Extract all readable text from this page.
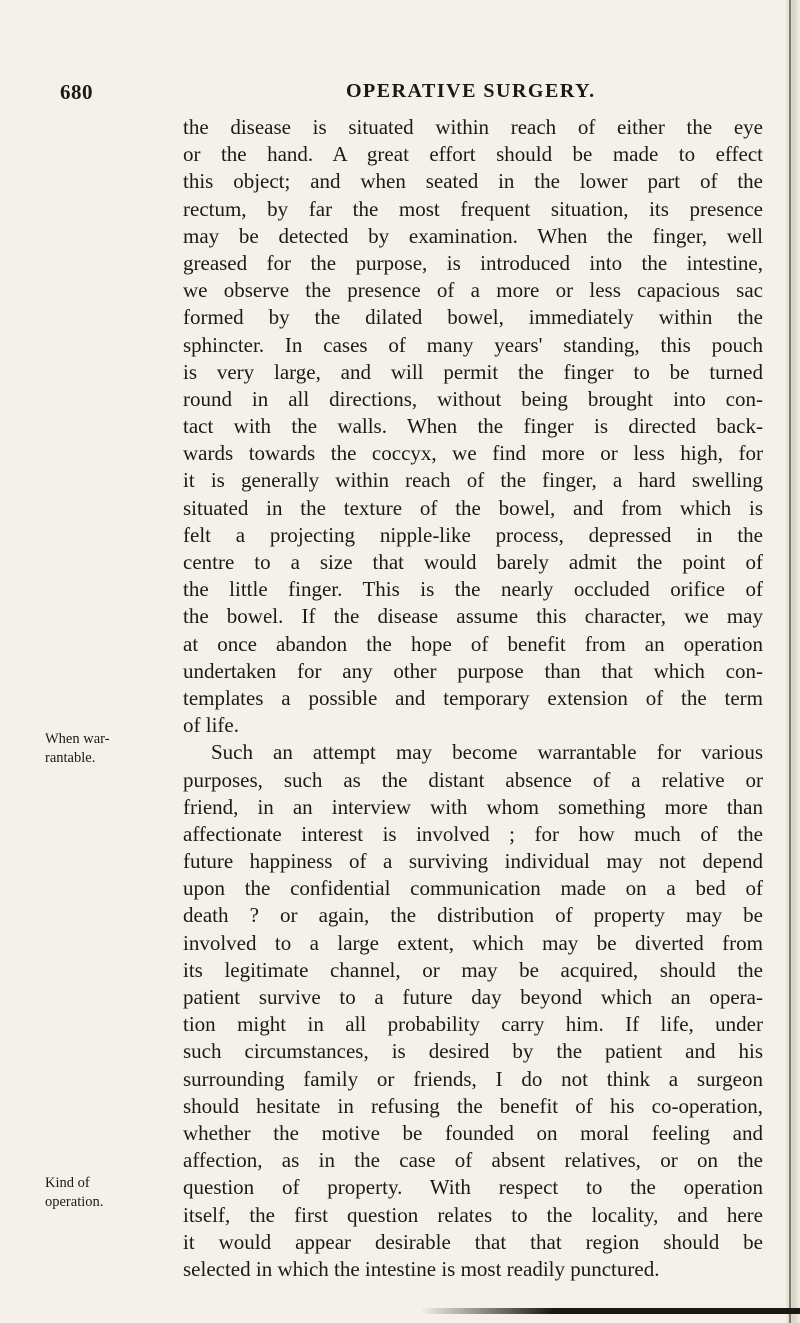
680	OPERATIVE SURGERY.
When war-
rantable.
Kind of
operation.
the disease is situated within reach of either the eye
or the hand. A great effort should be made to effect
this object; and when seated in the lower part of the
rectum, by far the most frequent situation, its presence
may be detected by examination. When the finger, well
greased for the purpose, is introduced into the intestine,
we observe the presence of a more or less capacious sac
formed by the dilated bowel, immediately within the
sphincter. In cases of many years' standing, this pouch
is very large, and will permit the finger to be turned
round in all directions, without being brought into con-
tact with the walls. When the finger is directed back-
wards towards the coccyx, we find more or less high, for
it is generally within reach of the finger, a hard swelling
situated in the texture of the bowel, and from which is
felt a projecting nipple-like process, depressed in the
centre to a size that would barely admit the point of
the little finger. This is the nearly occluded orifice of
the bowel. If the disease assume this character, we may
at once abandon the hope of benefit from an operation
undertaken for any other purpose than that which con-
templates a possible and temporary extension of the term
of life.
Such an attempt may become warrantable for various
purposes, such as the distant absence of a relative or
friend, in an interview with whom something more than
affectionate interest is involved ; for how much of the
future happiness of a surviving individual may not depend
upon the confidential communication made on a bed of
death ? or again, the distribution of property may be
involved to a large extent, which may be diverted from
its legitimate channel, or may be acquired, should the
patient survive to a future day beyond which an opera-
tion might in all probability carry him. If life, under
such circumstances, is desired by the patient and his
surrounding family or friends, I do not think a surgeon
should hesitate in refusing the benefit of his co-operation,
whether the motive be founded on moral feeling and
affection, as in the case of absent relatives, or on the
question of property. With respect to the operation
itself, the first question relates to the locality, and here
it would appear desirable that that region should be
selected in which the intestine is most readily punctured.
